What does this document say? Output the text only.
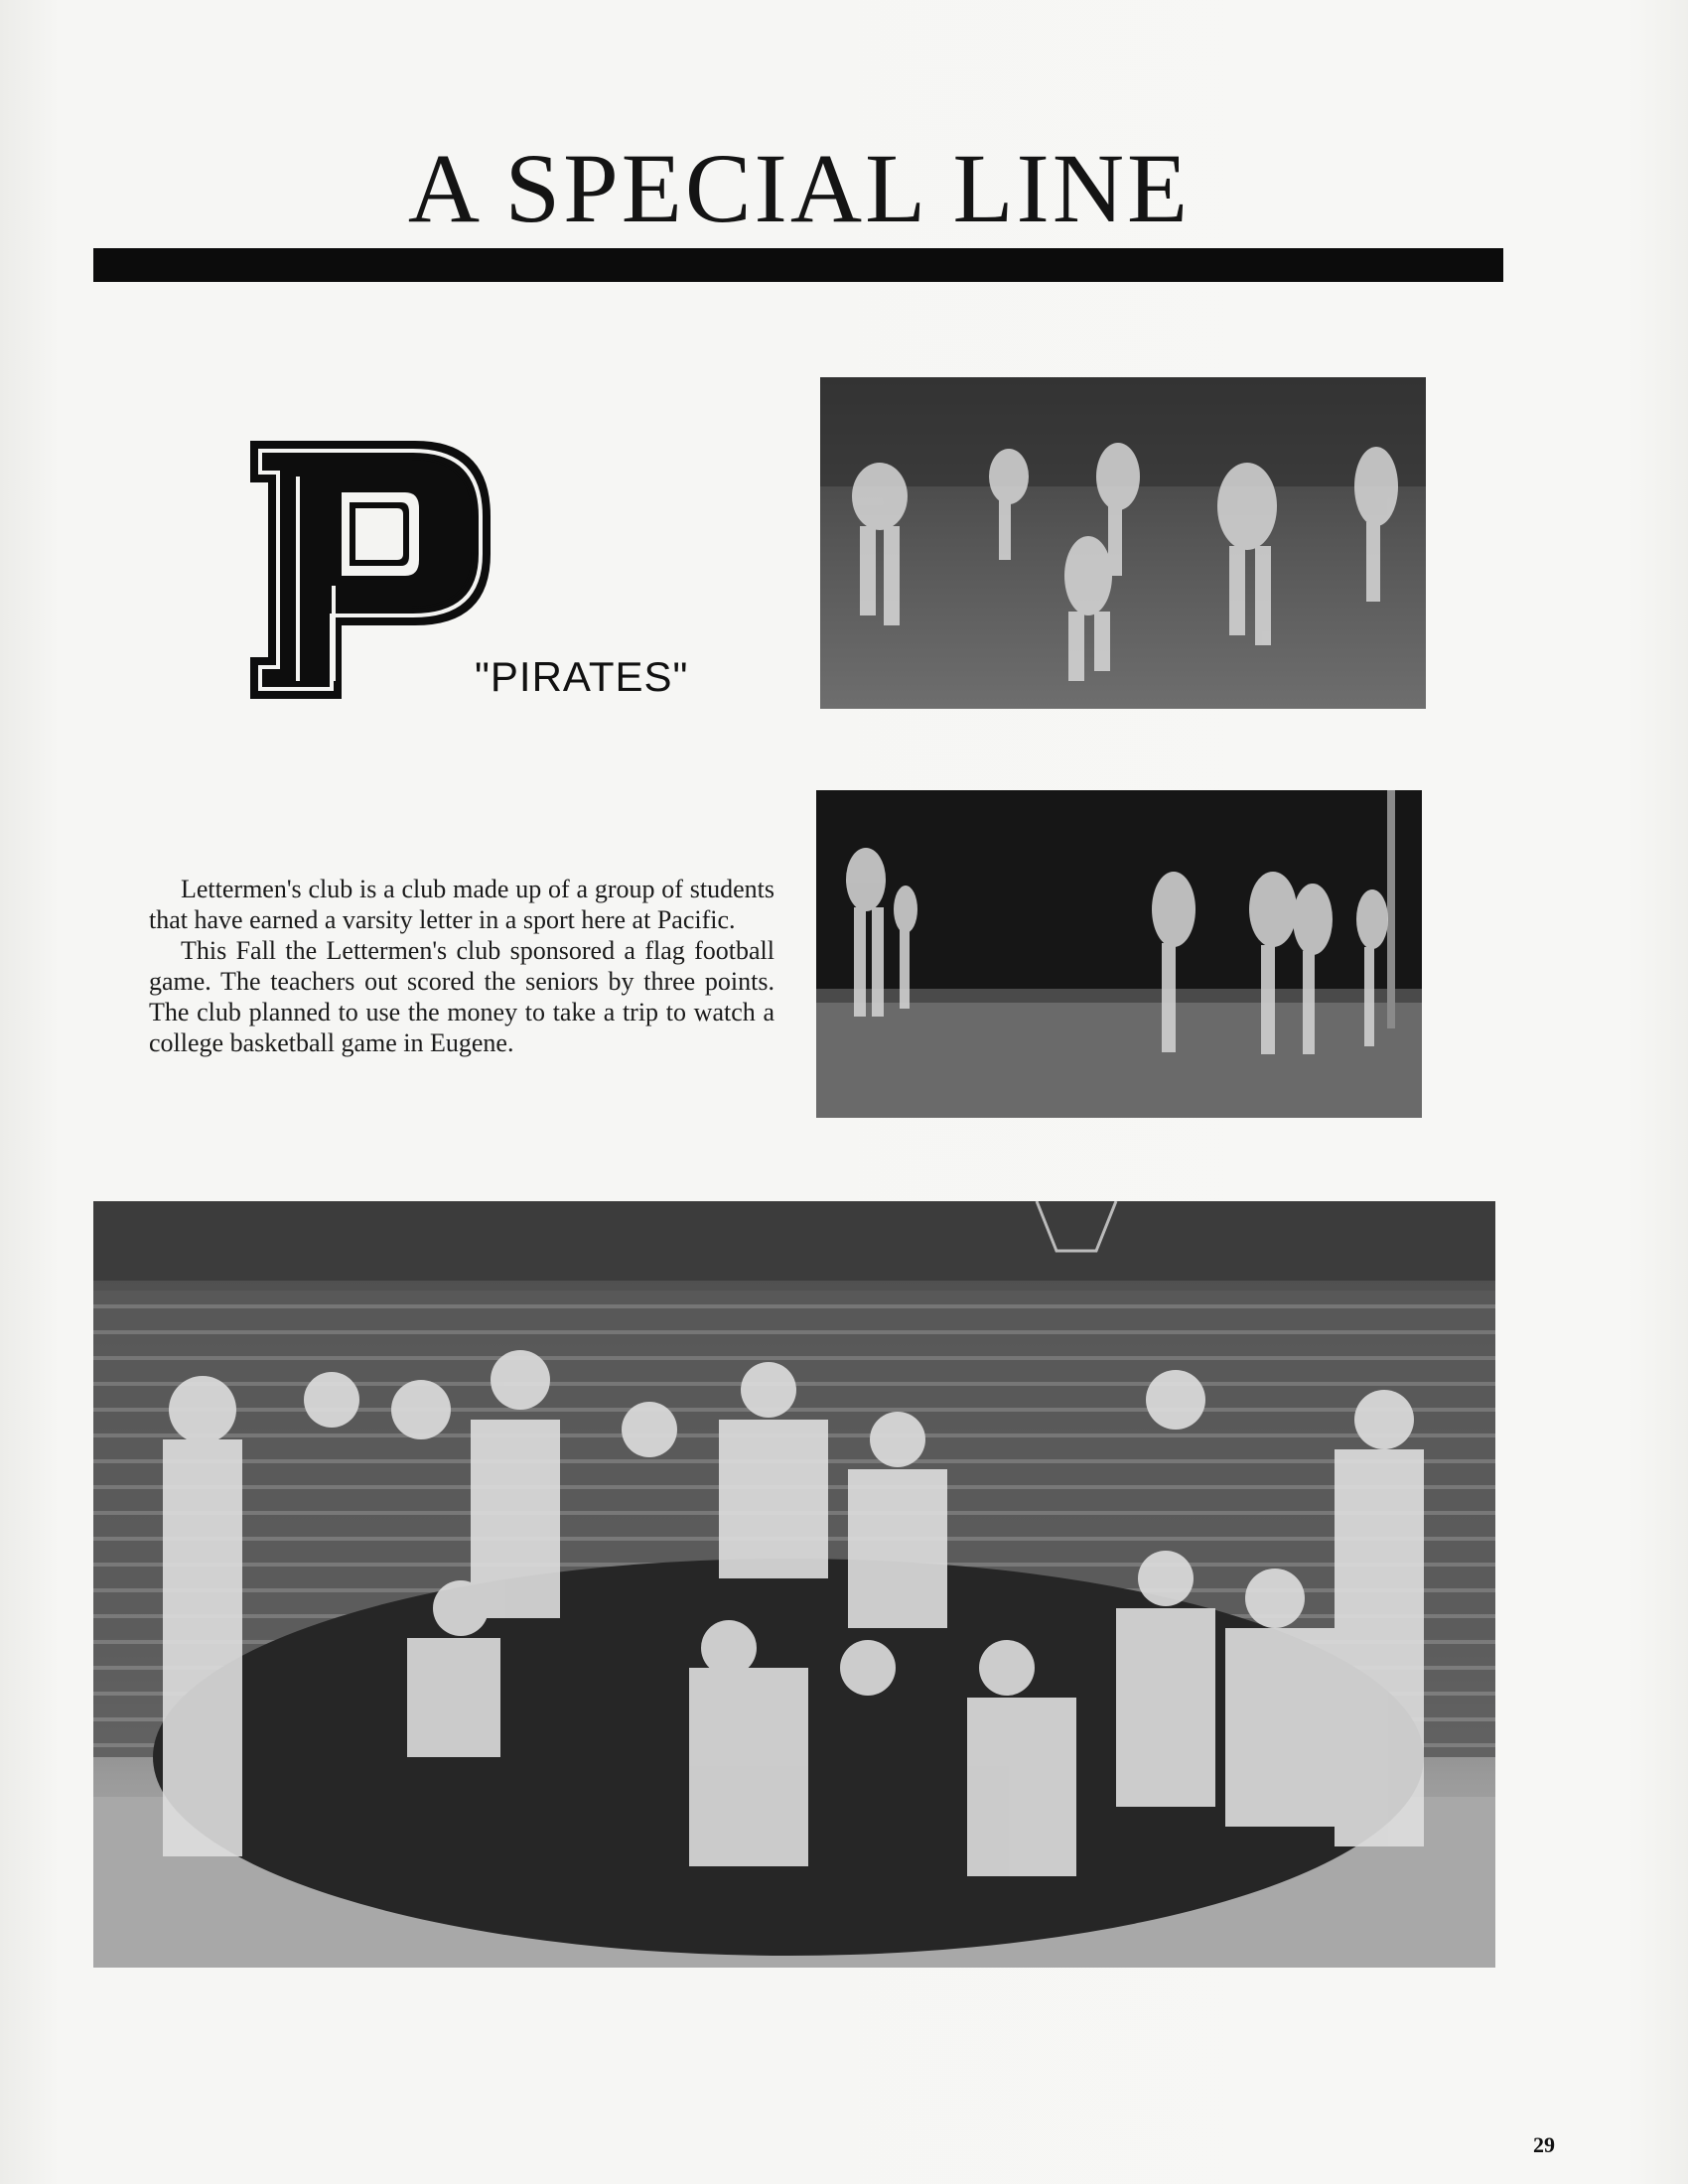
A SPECIAL LINE
"PIRATES"

Lettermen's club is a club made up of a group of students that have earned a varsity letter in a sport here at Pacific.

This Fall the Lettermen's club sponsored a flag football game. The teachers out scored the seniors by three points. The club planned to use the money to take a trip to watch a college basketball game in Eugene.

29
